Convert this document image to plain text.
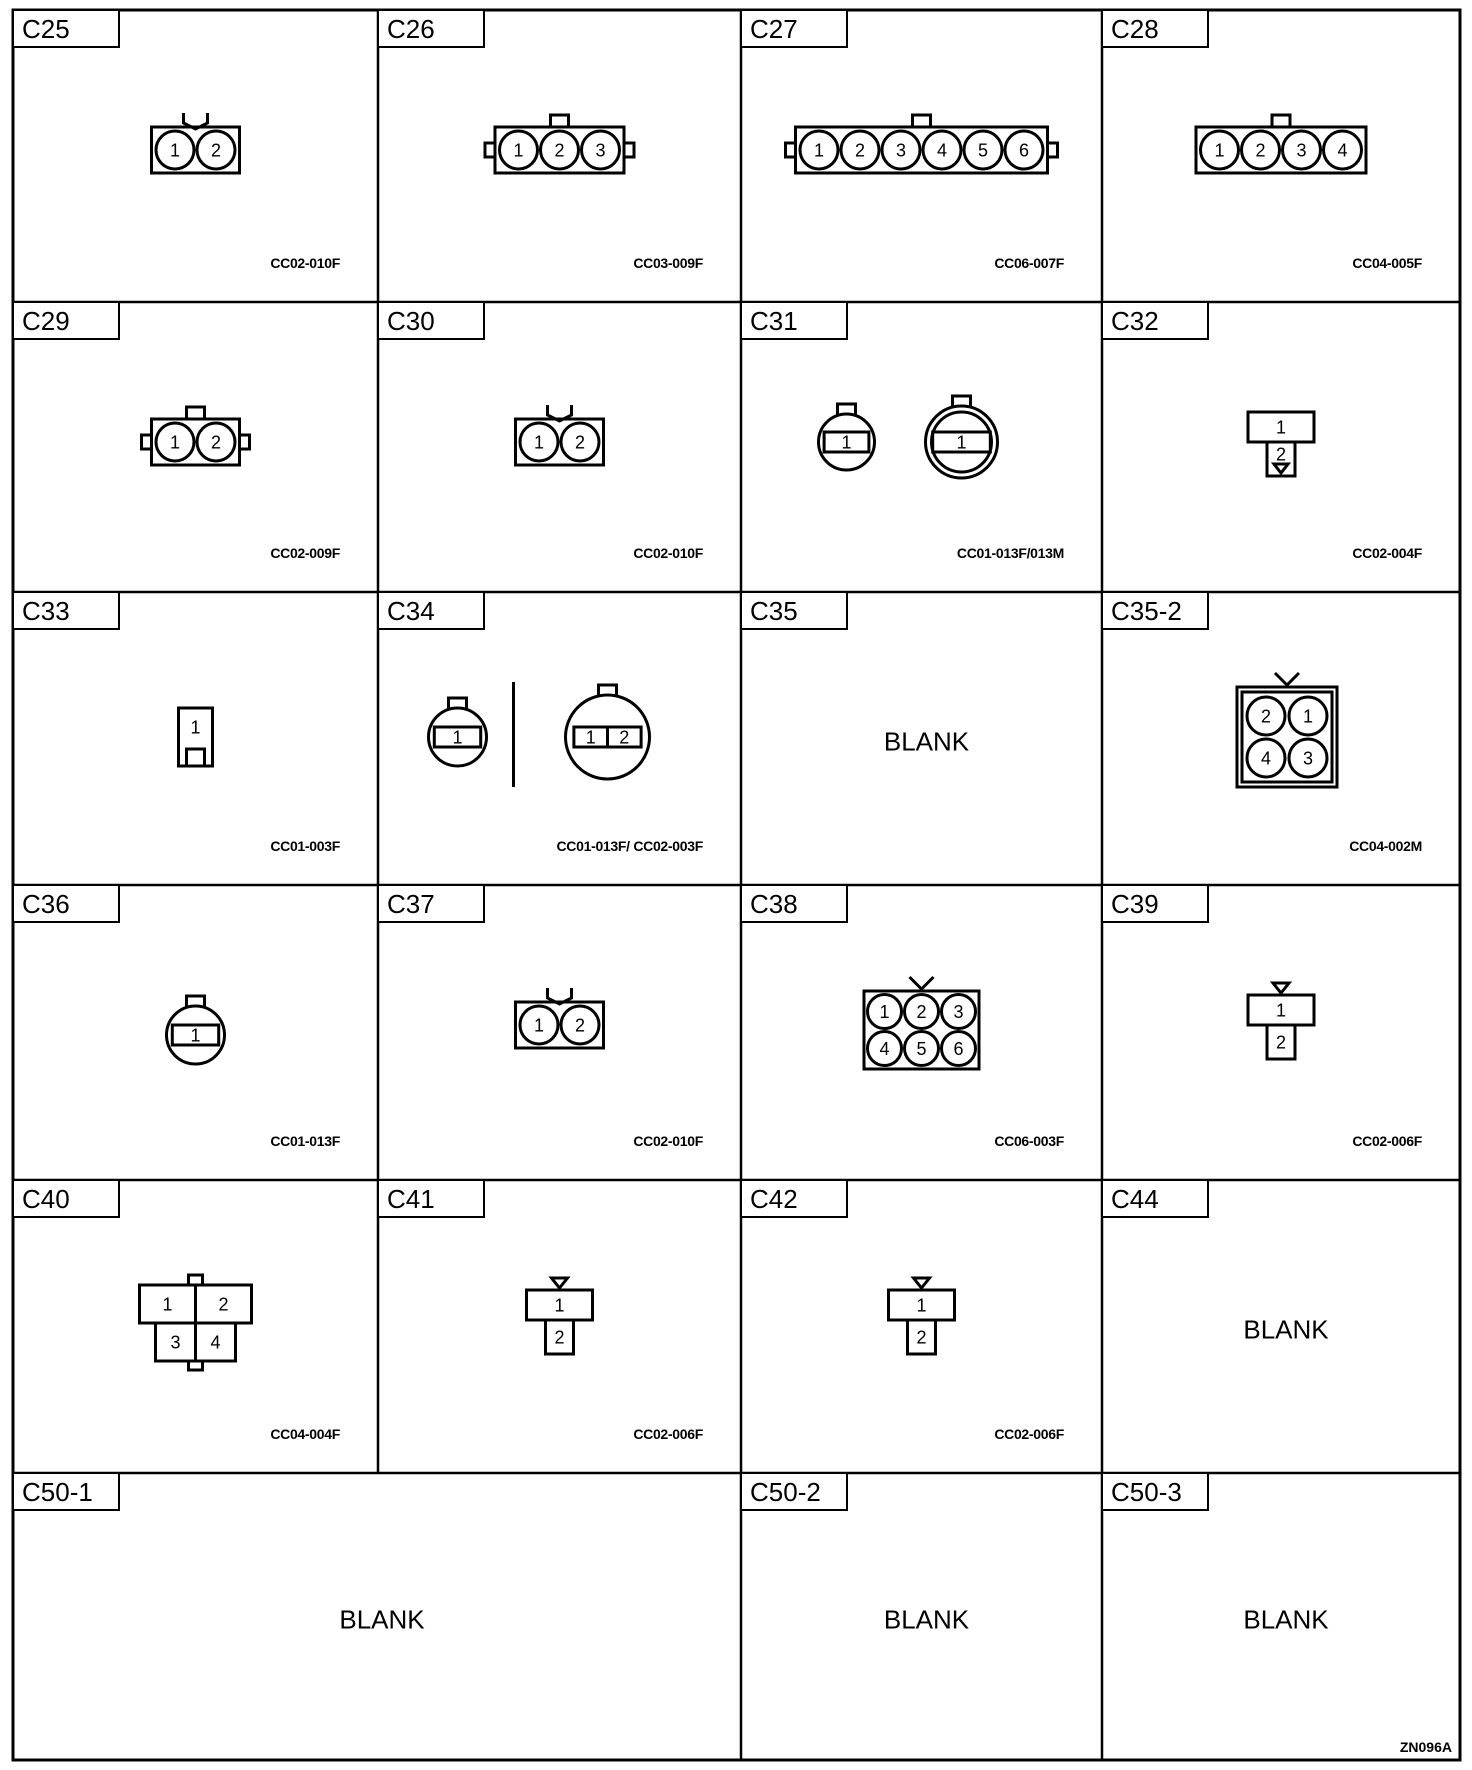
C25
1 2
CC02-010F
C26
1 2 3
CC03-009F
C27
1 2 3 4 5 6
CC06-007F
C28
1 2 3 4
CC04-005F
C29
1 2
CC02-009F
C30
1 2
CC02-010F
C31
1	1
CC01-013F/013M
C32
1
2
CC02-004F
C33
1
CC01-003F
C34
1	1 2
CC01-013F/ CC02-003F
C35
BLANK
C35-2
2 1
4 3
CC04-002M
C36
1
CC01-013F
C37
1 2
CC02-010F
C38
1 2 3
4 5 6
CC06-003F
C39
1
2
CC02-006F
C40
1	2
3 4
CC04-004F
C41
1
2
CC02-006F
C42
1
2
CC02-006F
C44
BLANK
C50-1
BLANK
C50-2
BLANK
C50-3
BLANK
ZN096A
